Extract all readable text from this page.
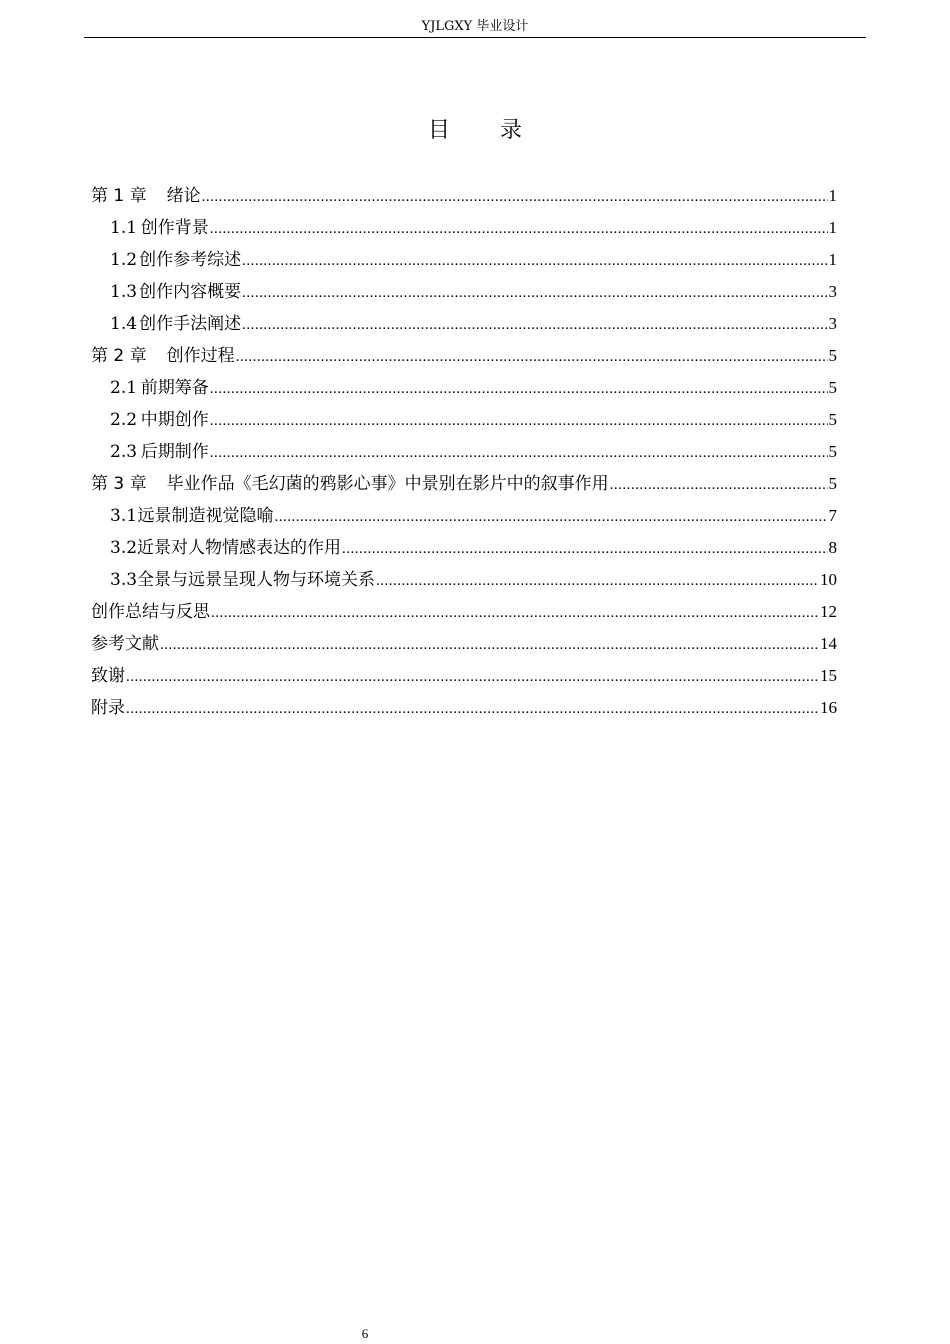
YJLGXY 毕业设计
目录
第 1 章 绪论 .....	1
1.1 创作背景 .....	1
1.2 创作参考综述 .....	1
1.3 创作内容概要 .....	3
1.4 创作手法阐述 .....	3
第 2 章 创作过程 .....	5
2.1 前期筹备 .....	5
2.2 中期创作 .....	5
2.3 后期制作 .....	5
第 3 章 毕业作品《毛幻菌的鸦影心事》中景别在影片中的叙事作用 .....	5
3.1 远景制造视觉隐喻 .....	7
3.2 近景对人物情感表达的作用 .....	8
3.3 全景与远景呈现人物与环境关系 .....	10
创作总结与反思 .....	12
参考文献 .....	14
致谢 .....	15
附录 .....	16
6
